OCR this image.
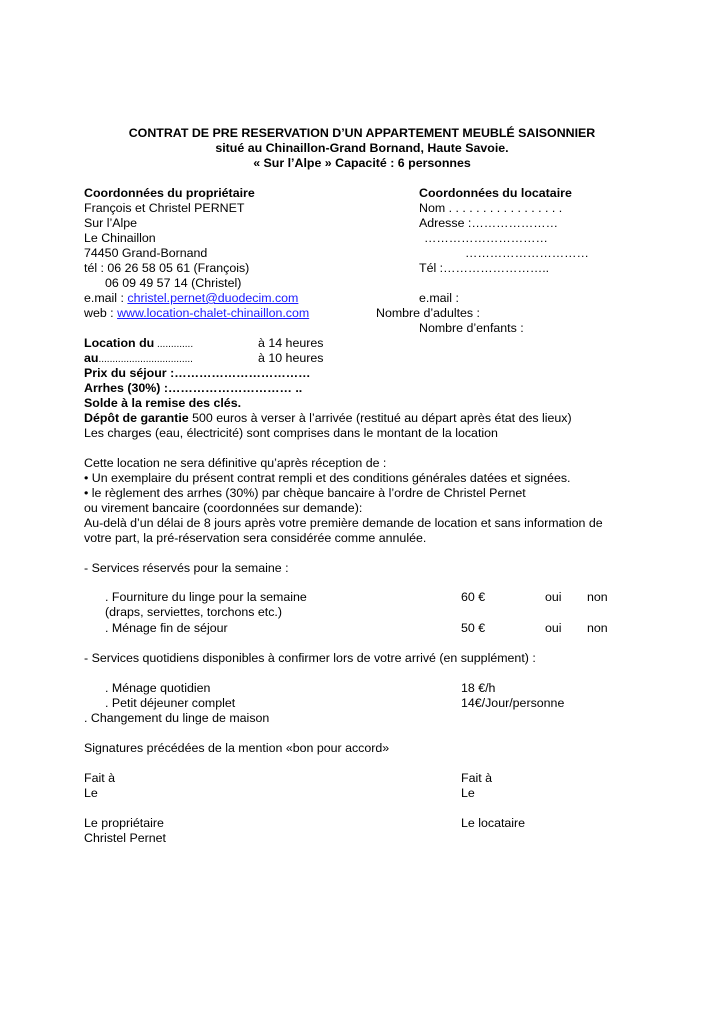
CONTRAT DE PRE RESERVATION D’UN APPARTEMENT MEUBLÉ SAISONNIER
situé au Chinaillon-Grand Bornand, Haute Savoie.
« Sur l’Alpe » Capacité : 6 personnes
Coordonnées du propriétaire
François et Christel PERNET
Sur l’Alpe
Le Chinaillon
74450 Grand-Bornand
tél : 06 26 58 05 61 (François)
06 09 49 57 14 (Christel)
e.mail : christel.pernet@duodecim.com
web : www.location-chalet-chinaillon.com
Coordonnées du locataire
Nom . . . . . . . . . . . . . . . . .
Adresse :…………………
…………………………
…………………………
Tél :……………………..
e.mail :
Nombre d’adultes :
Nombre d’enfants :
Location du .............	à 14 heures
au..................................	à 10 heures
Prix du séjour :……………………………
Arrhes (30%) :………………………… ..
Solde à la remise des clés.
Dépôt de garantie 500 euros à verser à l’arrivée (restitué au départ après état des lieux)
Les charges (eau, électricité) sont comprises dans le montant de la location
Cette location ne sera définitive qu’après réception de :
• Un exemplaire du présent contrat rempli et des conditions générales datées et signées.
• le règlement des arrhes (30%) par chèque bancaire à l’ordre de Christel Pernet
ou virement bancaire (coordonnées sur demande):
Au-delà d’un délai de 8 jours après votre première demande de location et sans information de
votre part, la pré-réservation sera considérée comme annulée.
- Services réservés pour la semaine :
. Fourniture du linge pour la semaine	60 €	oui non
(draps, serviettes, torchons etc.)
. Ménage fin de séjour	50 €	oui non
- Services quotidiens disponibles à confirmer lors de votre arrivé (en supplément) :
. Ménage quotidien	18 €/h
. Petit déjeuner complet	14€/Jour/personne
. Changement du linge de maison
Signatures précédées de la mention «bon pour accord»
Fait à	Fait à
Le	Le
Le propriétaire	Le locataire
Christel Pernet
